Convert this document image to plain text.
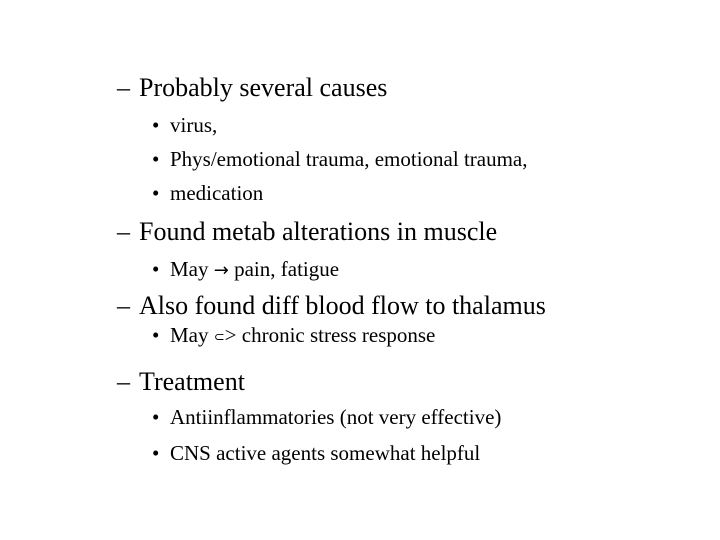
– Probably several causes
• virus,
• Phys/emotional trauma, emotional trauma,
• medication
– Found metab alterations in muscle
• May → pain, fatigue
– Also found diff blood flow to thalamus
• May ⊂> chronic stress response
– Treatment
• Antiinflammatories (not very effective)
• CNS active agents somewhat helpful
